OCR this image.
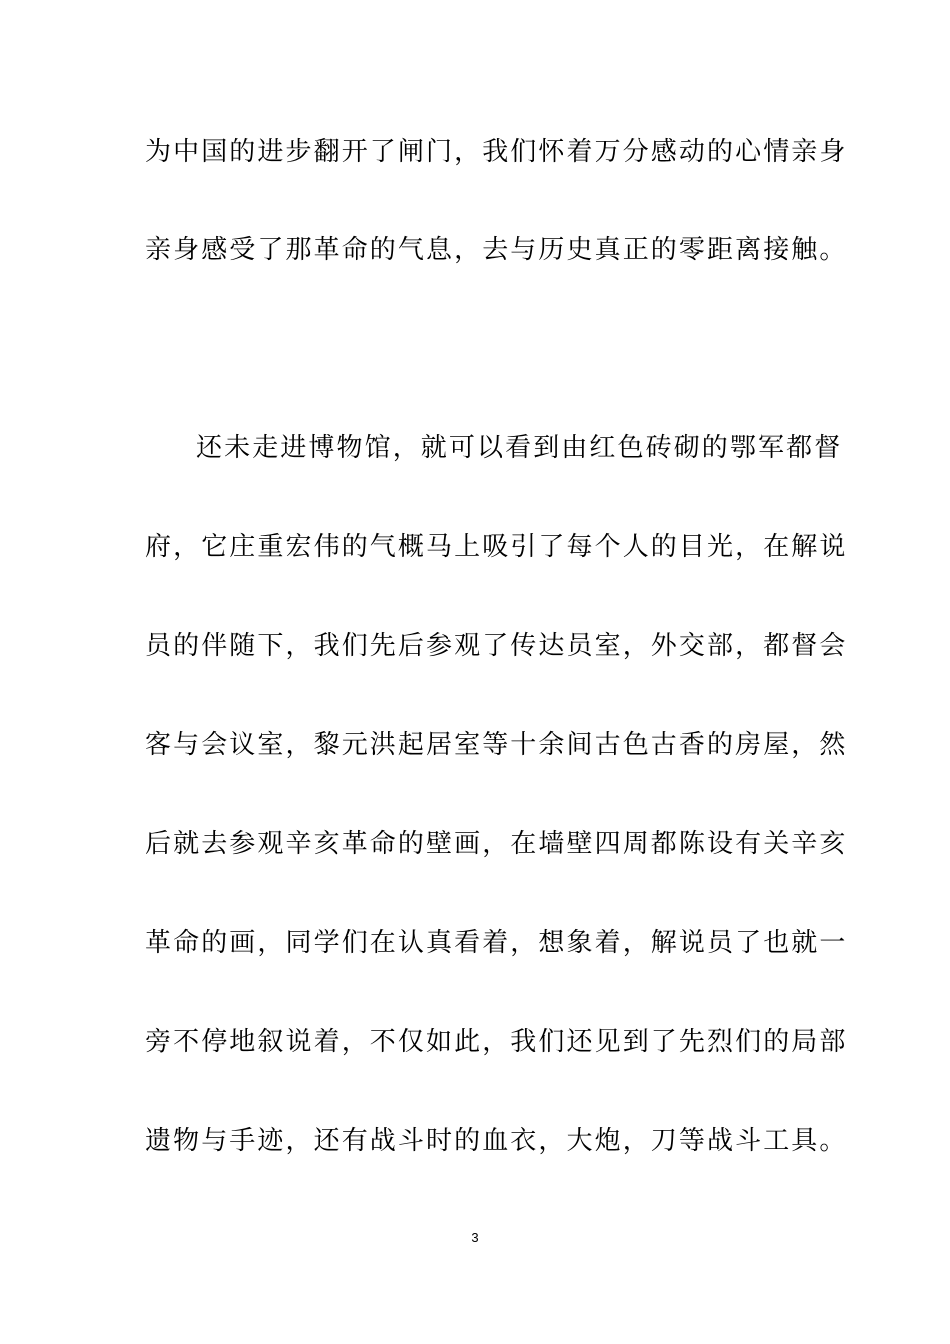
为中国的进步翻开了闸门，我们怀着万分感动的心情亲身
亲身感受了那革命的气息，去与历史真正的零距离接触。
还未走进博物馆，就可以看到由红色砖砌的鄂军都督
府，它庄重宏伟的气概马上吸引了每个人的目光，在解说
员的伴随下，我们先后参观了传达员室，外交部，都督会
客与会议室，黎元洪起居室等十余间古色古香的房屋，然
后就去参观辛亥革命的壁画，在墙壁四周都陈设有关辛亥
革命的画，同学们在认真看着，想象着，解说员了也就一
旁不停地叙说着，不仅如此，我们还见到了先烈们的局部
遗物与手迹，还有战斗时的血衣，大炮，刀等战斗工具。
3
